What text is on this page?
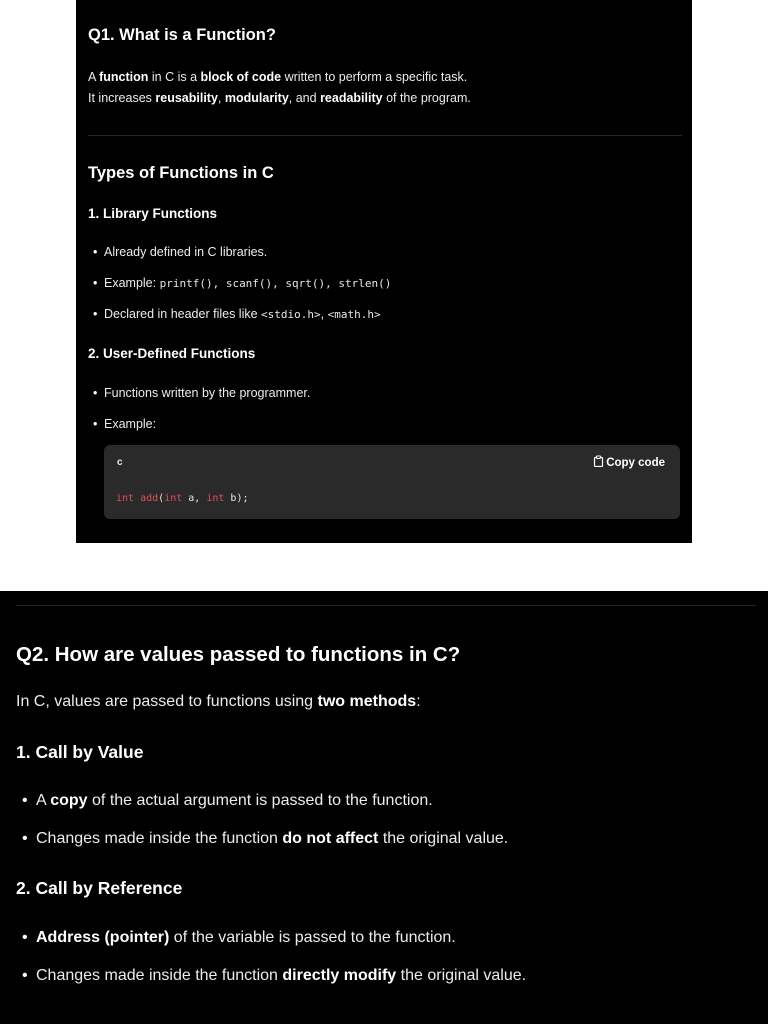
Q1. What is a Function?
A function in C is a block of code written to perform a specific task.
It increases reusability, modularity, and readability of the program.
Types of Functions in C
1. Library Functions
• Already defined in C libraries.
• Example: printf(), scanf(), sqrt(), strlen()
• Declared in header files like <stdio.h>, <math.h>
2. User-Defined Functions
• Functions written by the programmer.
• Example:
c	Copy code
int add(int a, int b);
Q2. How are values passed to functions in C?
In C, values are passed to functions using two methods:
1. Call by Value
• A copy of the actual argument is passed to the function.
• Changes made inside the function do not affect the original value.
2. Call by Reference
• Address (pointer) of the variable is passed to the function.
• Changes made inside the function directly modify the original value.
